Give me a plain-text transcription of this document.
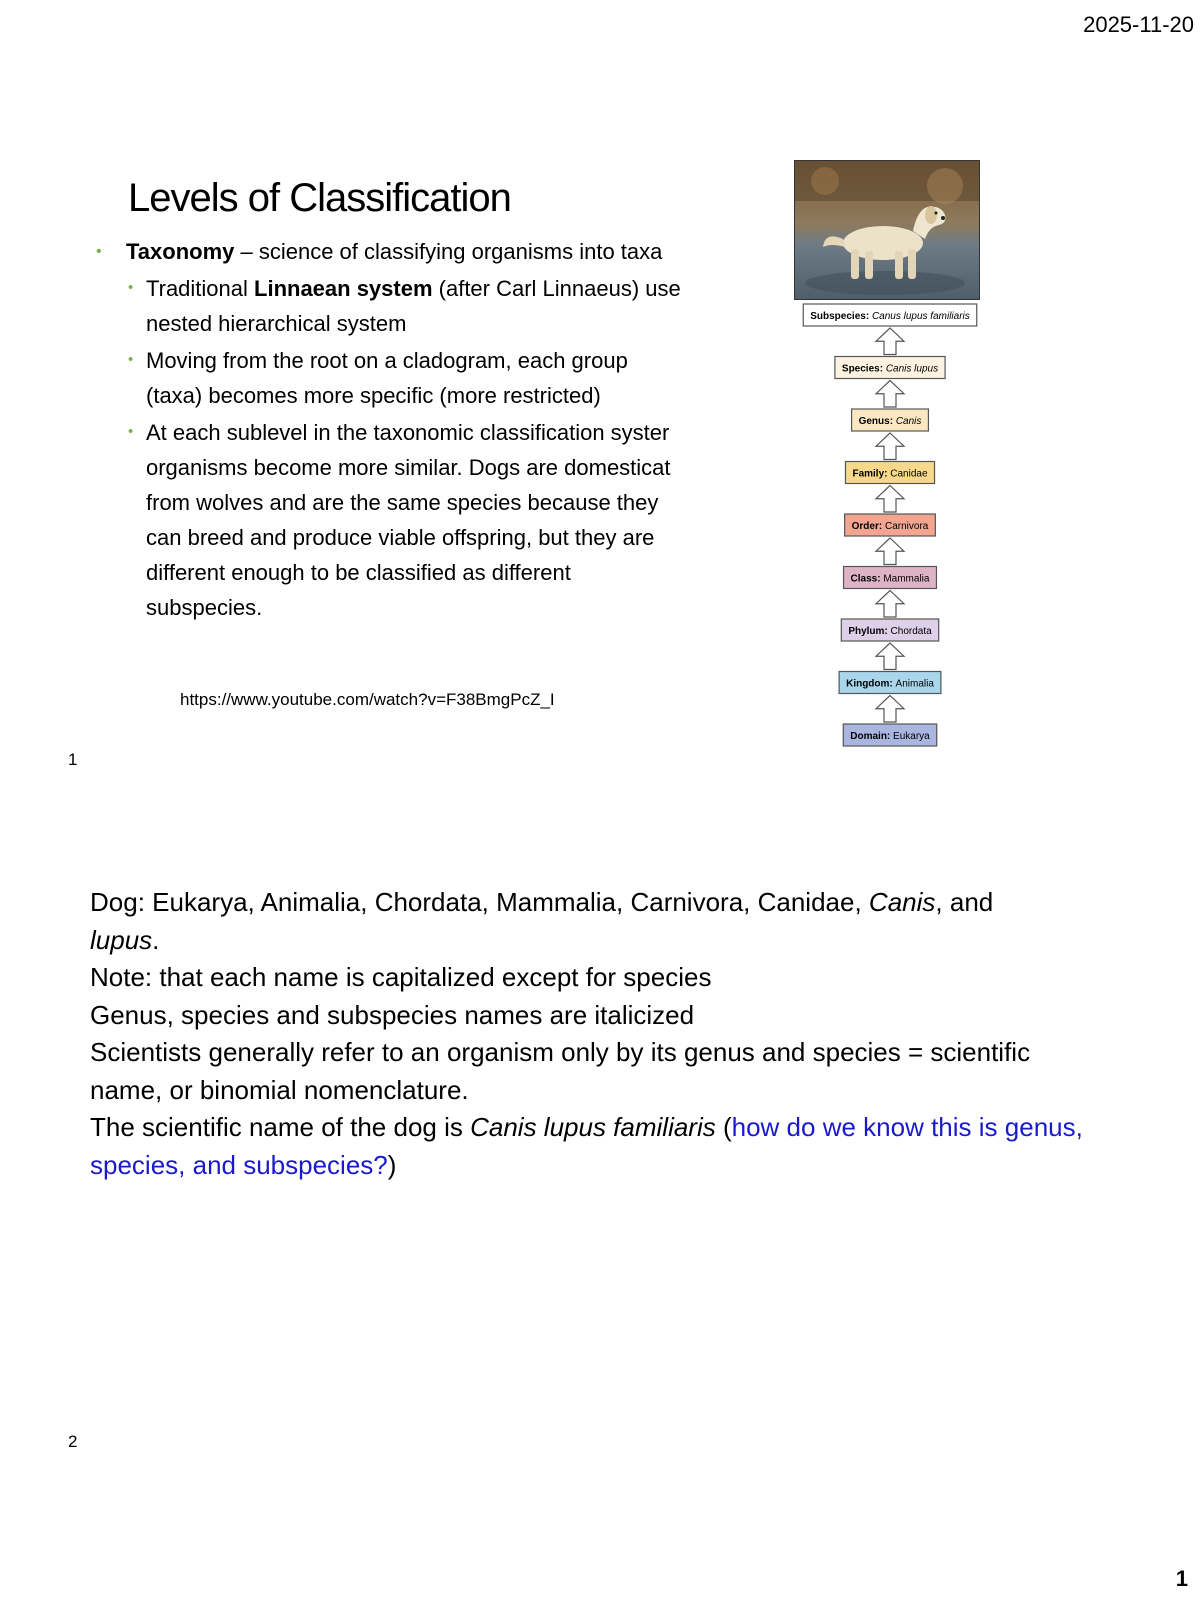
2025-11-20
Levels of Classification
• Taxonomy – science of classifying organisms into taxa
• Traditional Linnaean system (after Carl Linnaeus) use
nested hierarchical system
• Moving from the root on a cladogram, each group
(taxa) becomes more specific (more restricted)
• At each sublevel in the taxonomic classification syster
organisms become more similar. Dogs are domesticat
from wolves and are the same species because they
can breed and produce viable offspring, but they are
different enough to be classified as different
subspecies.
https://www.youtube.com/watch?v=F38BmgPcZ_I
Subspecies: Canus lupus familiaris
Species: Canis lupus
Genus: Canis
Family: Canidae
Order: Carnivora
Class: Mammalia
Phylum: Chordata
Kingdom: Animalia
Domain: Eukarya
1

Dog: Eukarya, Animalia, Chordata, Mammalia, Carnivora, Canidae, Canis, and
lupus.

Note: that each name is capitalized except for species

Genus, species and subspecies names are italicized

Scientists generally refer to an organism only by its genus and species = scientific name, or binomial nomenclature.

The scientific name of the dog is Canis lupus familiaris (how do we know this is genus, species, and subspecies?)

2
1
